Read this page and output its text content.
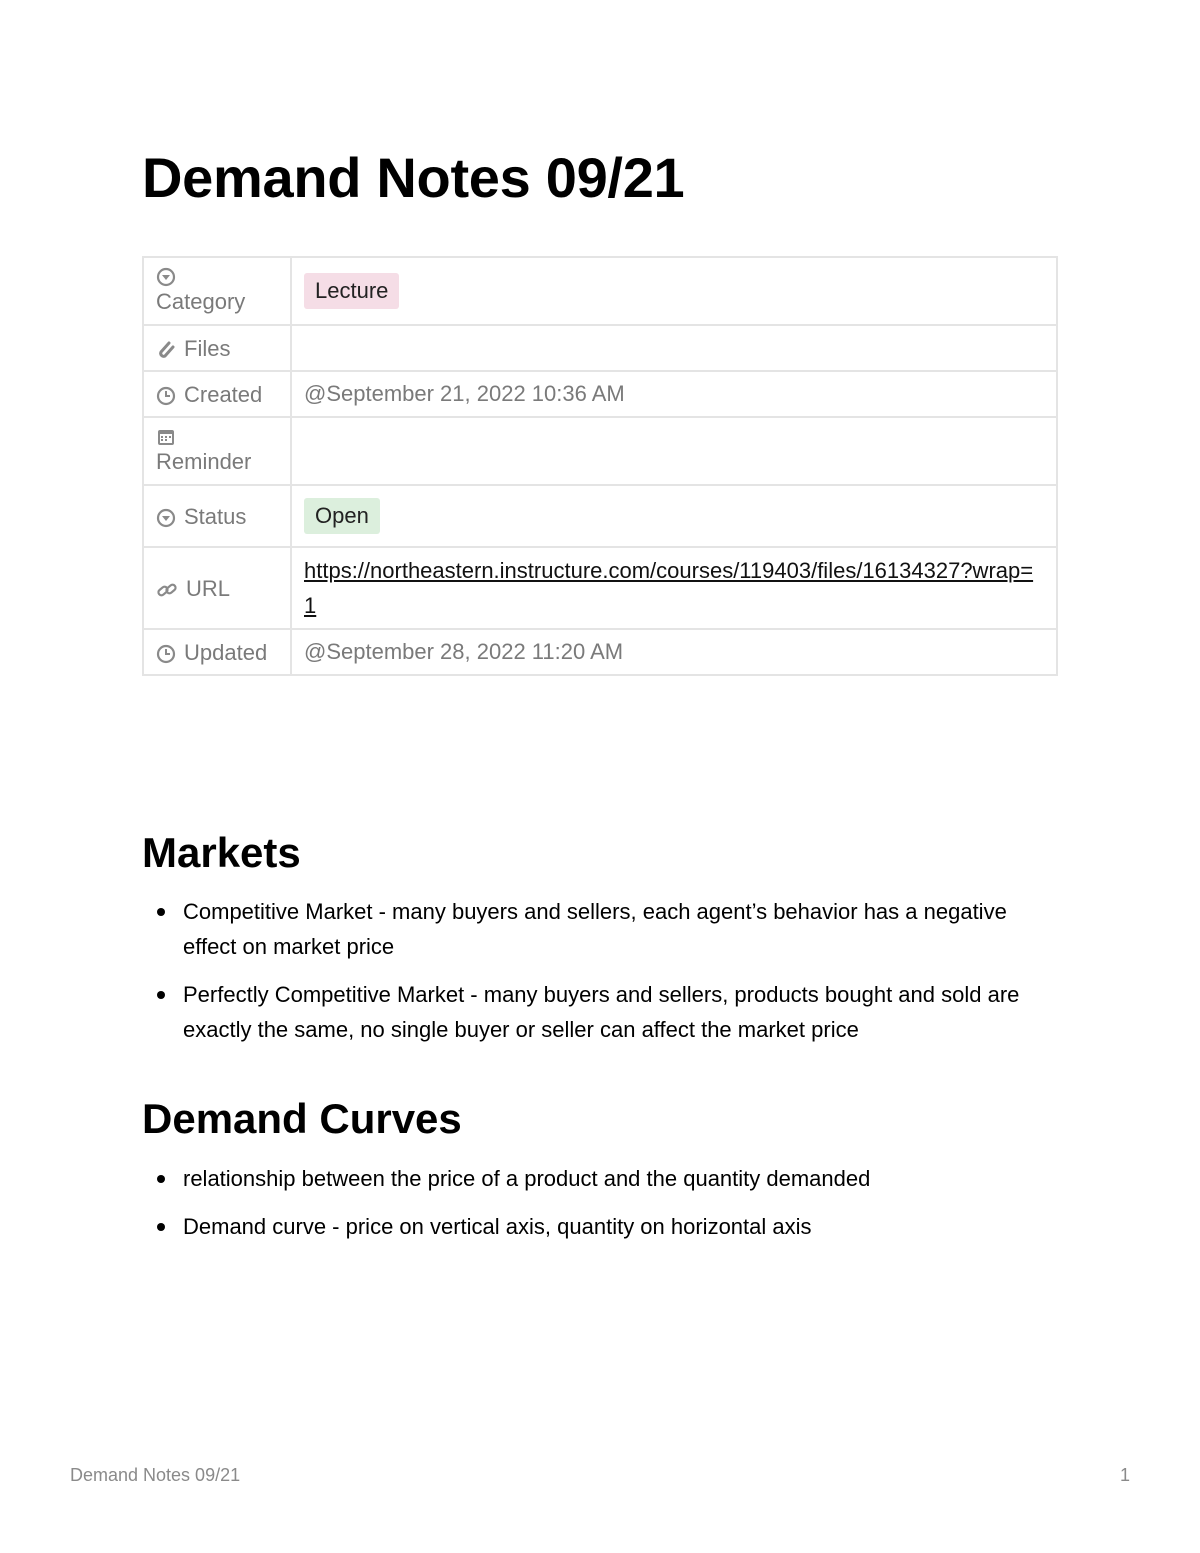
Demand Notes 09/21
Category	Lecture

Files	

Created	@September 21, 2022 10:36 AM

Reminder	

Status	Open

URL	https://northeastern.instructure.com/courses/119403/files/16134327?wrap=1

Updated	@September 28, 2022 11:20 AM
Markets
Competitive Market - many buyers and sellers, each agent’s behavior has a negative effect on market price
Perfectly Competitive Market - many buyers and sellers, products bought and sold are exactly the same, no single buyer or seller can affect the market price
Demand Curves
relationship between the price of a product and the quantity demanded
Demand curve - price on vertical axis, quantity on horizontal axis
Demand Notes 09/21	1
